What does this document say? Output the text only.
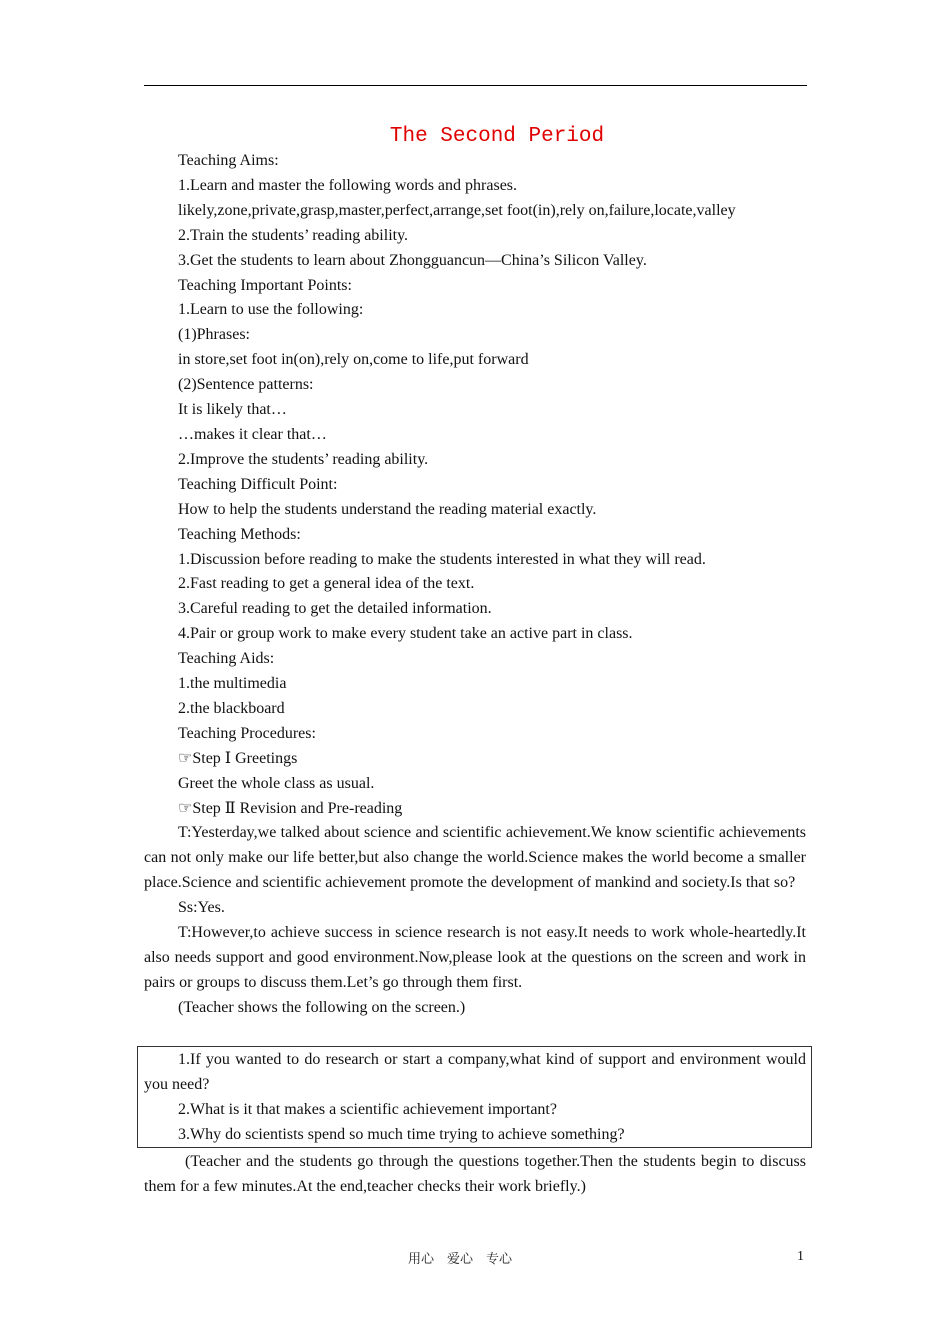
The Second Period
Teaching Aims:
1.Learn and master the following words and phrases.
likely,zone,private,grasp,master,perfect,arrange,set foot(in),rely on,failure,locate,valley
2.Train the students’ reading ability.
3.Get the students to learn about Zhongguancun—China’s Silicon Valley.
Teaching Important Points:
1.Learn to use the following:
(1)Phrases:
in store,set foot in(on),rely on,come to life,put forward
(2)Sentence patterns:
It is likely that…
…makes it clear that…
2.Improve the students’ reading ability.
Teaching Difficult Point:
How to help the students understand the reading material exactly.
Teaching Methods:
1.Discussion before reading to make the students interested in what they will read.
2.Fast reading to get a general idea of the text.
3.Careful reading to get the detailed information.
4.Pair or group work to make every student take an active part in class.
Teaching Aids:
1.the multimedia
2.the blackboard
Teaching Procedures:
☞Step Ⅰ Greetings
Greet the whole class as usual.
☞Step Ⅱ Revision and Pre-reading
T:Yesterday,we talked about science and scientific achievement.We know scientific achievements can not only make our life better,but also change the world.Science makes the world become a smaller place.Science and scientific achievement promote the development of mankind and society.Is that so?
Ss:Yes.
T:However,to achieve success in science research is not easy.It needs to work whole-heartedly.It also needs support and good environment.Now,please look at the questions on the screen and work in pairs or groups to discuss them.Let’s go through them first.
(Teacher shows the following on the screen.)
1.If you wanted to do research or start a company,what kind of support and environment would you need?
2.What is it that makes a scientific achievement important?
3.Why do scientists spend so much time trying to achieve something?
(Teacher and the students go through the questions together.Then the students begin to discuss them for a few minutes.At the end,teacher checks their work briefly.)
用心　爱心　专心	1
